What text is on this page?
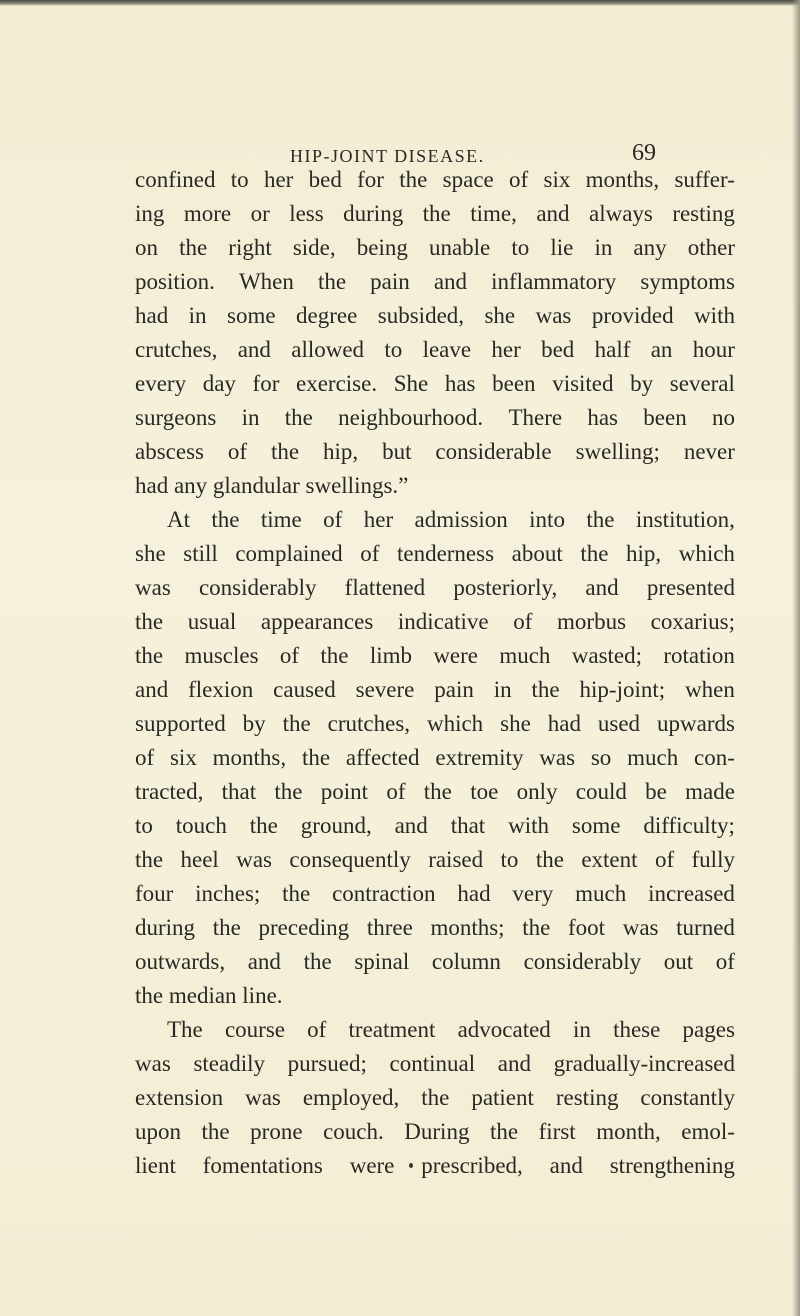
HIP-JOINT DISEASE.	69
confined to her bed for the space of six months, suffer-
ing more or less during the time, and always resting
on the right side, being unable to lie in any other
position. When the pain and inflammatory symptoms
had in some degree subsided, she was provided with
crutches, and allowed to leave her bed half an hour
every day for exercise. She has been visited by several
surgeons in the neighbourhood. There has been no
abscess of the hip, but considerable swelling; never
had any glandular swellings.”
At the time of her admission into the institution,
she still complained of tenderness about the hip, which
was considerably flattened posteriorly, and presented
the usual appearances indicative of morbus coxarius;
the muscles of the limb were much wasted; rotation
and flexion caused severe pain in the hip-joint; when
supported by the crutches, which she had used upwards
of six months, the affected extremity was so much con-
tracted, that the point of the toe only could be made
to touch the ground, and that with some difficulty;
the heel was consequently raised to the extent of fully
four inches; the contraction had very much increased
during the preceding three months; the foot was turned
outwards, and the spinal column considerably out of
the median line.
The course of treatment advocated in these pages
was steadily pursued; continual and gradually-increased
extension was employed, the patient resting constantly
upon the prone couch. During the first month, emol-
lient fomentations were prescribed, and strengthening
